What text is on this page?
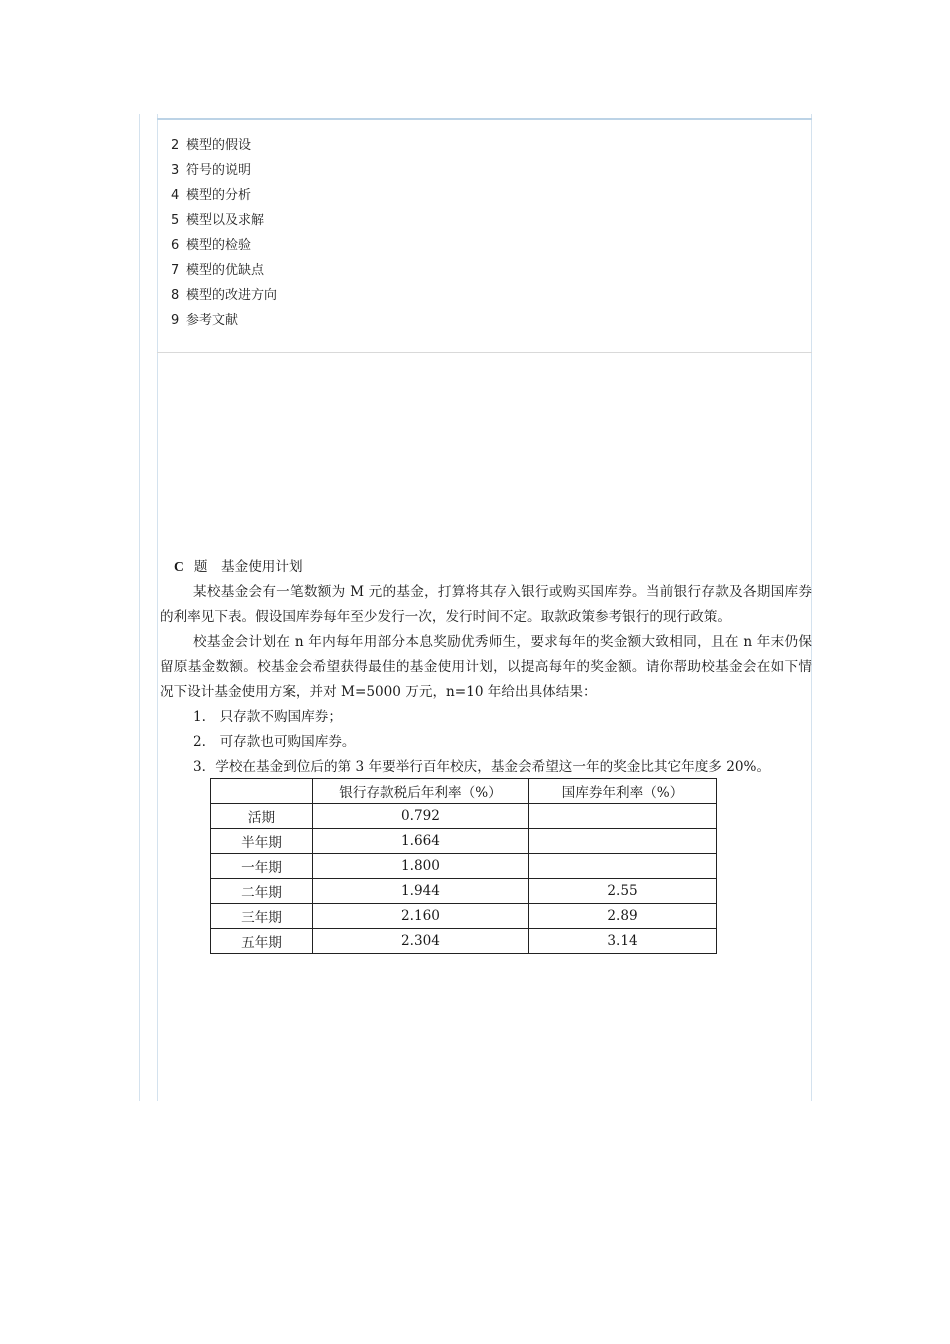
2 模型的假设
3 符号的说明
4 模型的分析
5 模型以及求解
6 模型的检验
7 模型的优缺点
8 模型的改进方向
9 参考文献
C 题　基金使用计划

某校基金会有一笔数额为 M 元的基金，打算将其存入银行或购买国库券。当前银行存款及各期国库券的利率见下表。假设国库券每年至少发行一次，发行时间不定。取款政策参考银行的现行政策。

校基金会计划在 n 年内每年用部分本息奖励优秀师生，要求每年的奖金额大致相同，且在 n 年末仍保留原基金数额。校基金会希望获得最佳的基金使用计划，以提高每年的奖金额。请你帮助校基金会在如下情况下设计基金使用方案，并对 M=5000 万元，n=10 年给出具体结果：

1.　只存款不购国库券；
2.　可存款也可购国库券。
3．学校在基金到位后的第 3 年要举行百年校庆，基金会希望这一年的奖金比其它年度多 20%。
	银行存款税后年利率（%）	国库券年利率（%）
活期	0.792	
半年期	1.664	
一年期	1.800	
二年期	1.944	2.55
三年期	2.160	2.89
五年期	2.304	3.14
